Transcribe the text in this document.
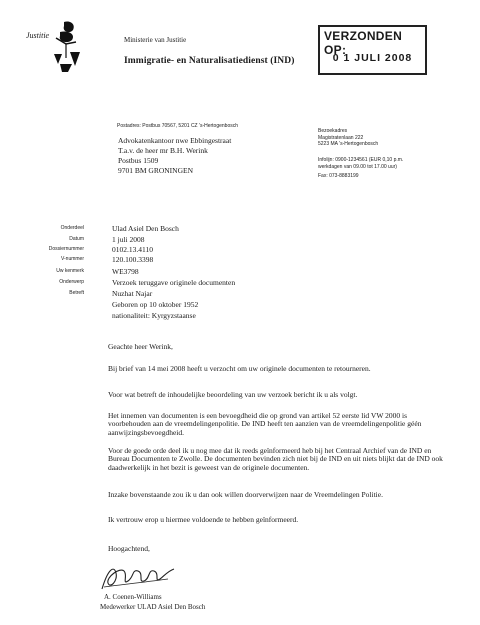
Justitie	Ministerie van Justitie
Immigratie- en Naturalisatiedienst (IND)
VERZONDEN OP:
0 1 JULI 2008
Postadres: Postbus 70567, 5201 CZ 's-Hertogenbosch
Advokatenkantoor nwe Ebbingestraat
T.a.v. de heer mr B.H. Werink
Postbus 1509
9701 BM GRONINGEN
Bezoekadres
Magistratenlaan 222
5223 MA 's-Hertogenbosch
Infolijn: 0900-1234561 (EUR 0,10 p.m.
werkdagen van 09.00 tot 17.00 uur)
Fax: 073-8883199
Onderdeel	Ulad Asiel Den Bosch
Datum	1 juli 2008
Dossiernummer	0102.13.4110
V-nummer	120.100.3398
Uw kenmerk	WE3798
Onderwerp	Verzoek teruggave originele documenten
Betreft	Nuzhat Najar
Geboren op 10 oktober 1952
nationaliteit: Kyrgyzstaanse
Geachte heer Werink,
Bij brief van 14 mei 2008 heeft u verzocht om uw originele documenten te retourneren.
Voor wat betreft de inhoudelijke beoordeling van uw verzoek bericht ik u als volgt.
Het innemen van documenten is een bevoegdheid die op grond van artikel 52 eerste lid VW 2000 is voorbehouden aan de vreemdelingenpolitie. De IND heeft ten aanzien van de vreemdelingenpolitie géén aanwijzingsbevoegdheid.
Voor de goede orde deel ik u nog mee dat ik reeds geïnformeerd heb bij het Centraal Archief van de IND en Bureau Documenten te Zwolle. De documenten bevinden zich niet bij de IND en uit niets blijkt dat de IND ook daadwerkelijk in het bezit is geweest van de originele documenten.
Inzake bovenstaande zou ik u dan ook willen doorverwijzen naar de Vreemdelingen Politie.
Ik vertrouw erop u hiermee voldoende te hebben geïnformeerd.
Hoogachtend,
A. Coenen-Williams
Medewerker ULAD Asiel Den Bosch
